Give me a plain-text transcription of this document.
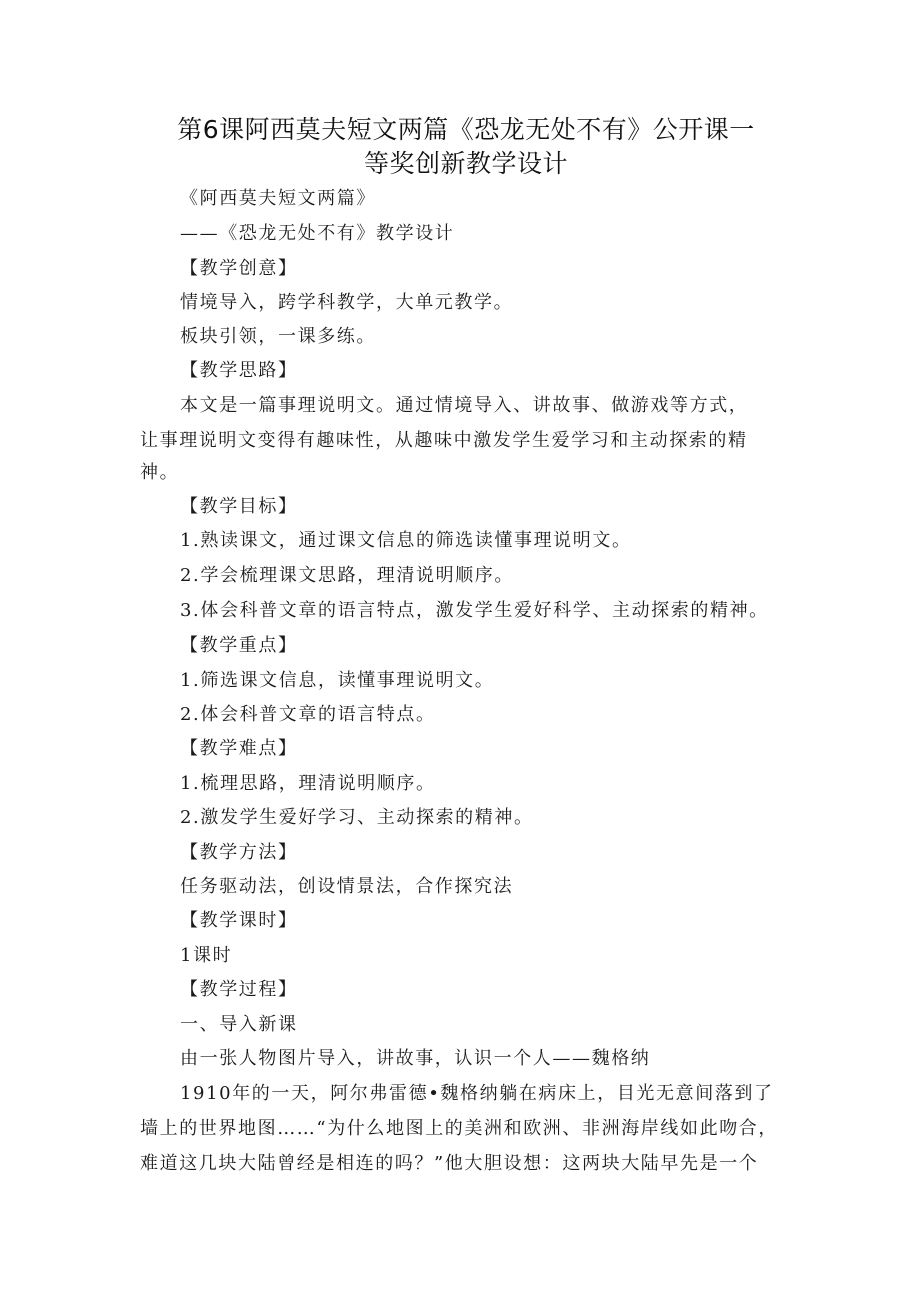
第6课阿西莫夫短文两篇《恐龙无处不有》公开课一
等奖创新教学设计
《阿西莫夫短文两篇》
——《恐龙无处不有》教学设计
【教学创意】
情境导入，跨学科教学，大单元教学。
板块引领，一课多练。
【教学思路】
本文是一篇事理说明文。通过情境导入、讲故事、做游戏等方式，
让事理说明文变得有趣味性，从趣味中激发学生爱学习和主动探索的精
神。
【教学目标】
1.熟读课文，通过课文信息的筛选读懂事理说明文。
2.学会梳理课文思路，理清说明顺序。
3.体会科普文章的语言特点，激发学生爱好科学、主动探索的精神。
【教学重点】
1.筛选课文信息，读懂事理说明文。
2.体会科普文章的语言特点。
【教学难点】
1.梳理思路，理清说明顺序。
2.激发学生爱好学习、主动探索的精神。
【教学方法】
任务驱动法，创设情景法，合作探究法
【教学课时】
1课时
【教学过程】
一、导入新课
由一张人物图片导入，讲故事，认识一个人——魏格纳
1910年的一天，阿尔弗雷德•魏格纳躺在病床上，目光无意间落到了
墙上的世界地图……“为什么地图上的美洲和欧洲、非洲海岸线如此吻合，
难道这几块大陆曾经是相连的吗？”他大胆设想：这两块大陆早先是一个
